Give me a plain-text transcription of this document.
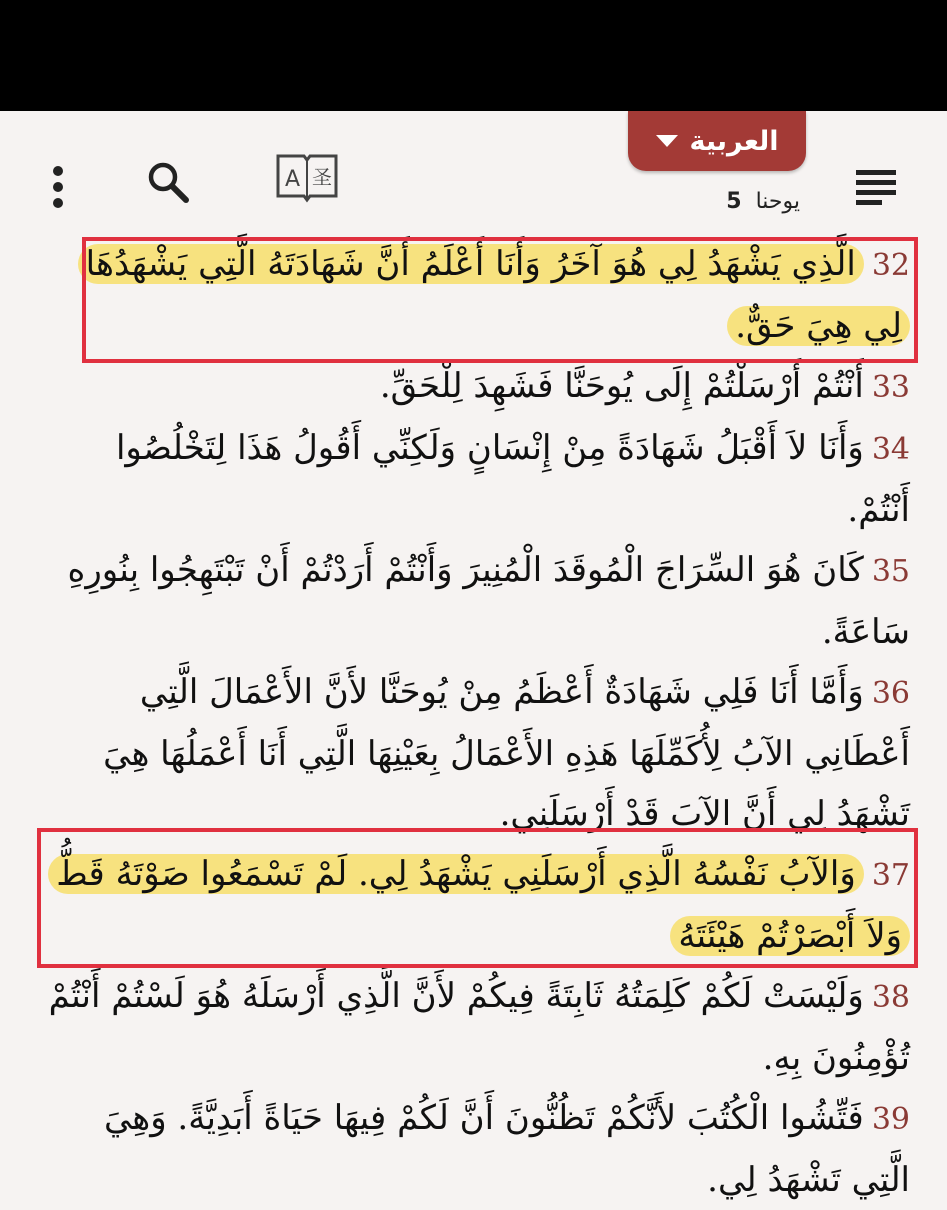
العربية
يوحنا
5
A 圣

32الَّذِي يَشْهَدُ لِي هُوَ آخَرُ وَأَنَا أَعْلَمُ أَنَّ شَهَادَتَهُ الَّتِي يَشْهَدُهَا لِي هِيَ حَقٌّ.

33أَنْتُمْ أَرْسَلْتُمْ إِلَى يُوحَنَّا فَشَهِدَ لِلْحَقِّ.

34وَأَنَا لاَ أَقْبَلُ شَهَادَةً مِنْ إِنْسَانٍ وَلَكِنِّي أَقُولُ هَذَا لِتَخْلُصُوا أَنْتُمْ.

35كَانَ هُوَ السِّرَاجَ الْمُوقَدَ الْمُنِيرَ وَأَنْتُمْ أَرَدْتُمْ أَنْ تَبْتَهِجُوا بِنُورِهِ سَاعَةً.

36وَأَمَّا أَنَا فَلِي شَهَادَةٌ أَعْظَمُ مِنْ يُوحَنَّا لأَنَّ الأَعْمَالَ الَّتِي أَعْطَانِي الآبُ لِأُكَمِّلَهَا هَذِهِ الأَعْمَالُ بِعَيْنِهَا الَّتِي أَنَا أَعْمَلُهَا هِيَ تَشْهَدُ لِي أَنَّ الآبَ قَدْ أَرْسَلَنِي.

37وَالآبُ نَفْسُهُ الَّذِي أَرْسَلَنِي يَشْهَدُ لِي. لَمْ تَسْمَعُوا صَوْتَهُ قَطُّ وَلاَ أَبْصَرْتُمْ هَيْئَتَهُ

38وَلَيْسَتْ لَكُمْ كَلِمَتُهُ ثَابِتَةً فِيكُمْ لأَنَّ الَّذِي أَرْسَلَهُ هُوَ لَسْتُمْ أَنْتُمْ تُؤْمِنُونَ بِهِ.

39فَتِّشُوا الْكُتُبَ لأَنَّكُمْ تَظُنُّونَ أَنَّ لَكُمْ فِيهَا حَيَاةً أَبَدِيَّةً. وَهِيَ الَّتِي تَشْهَدُ لِي.
